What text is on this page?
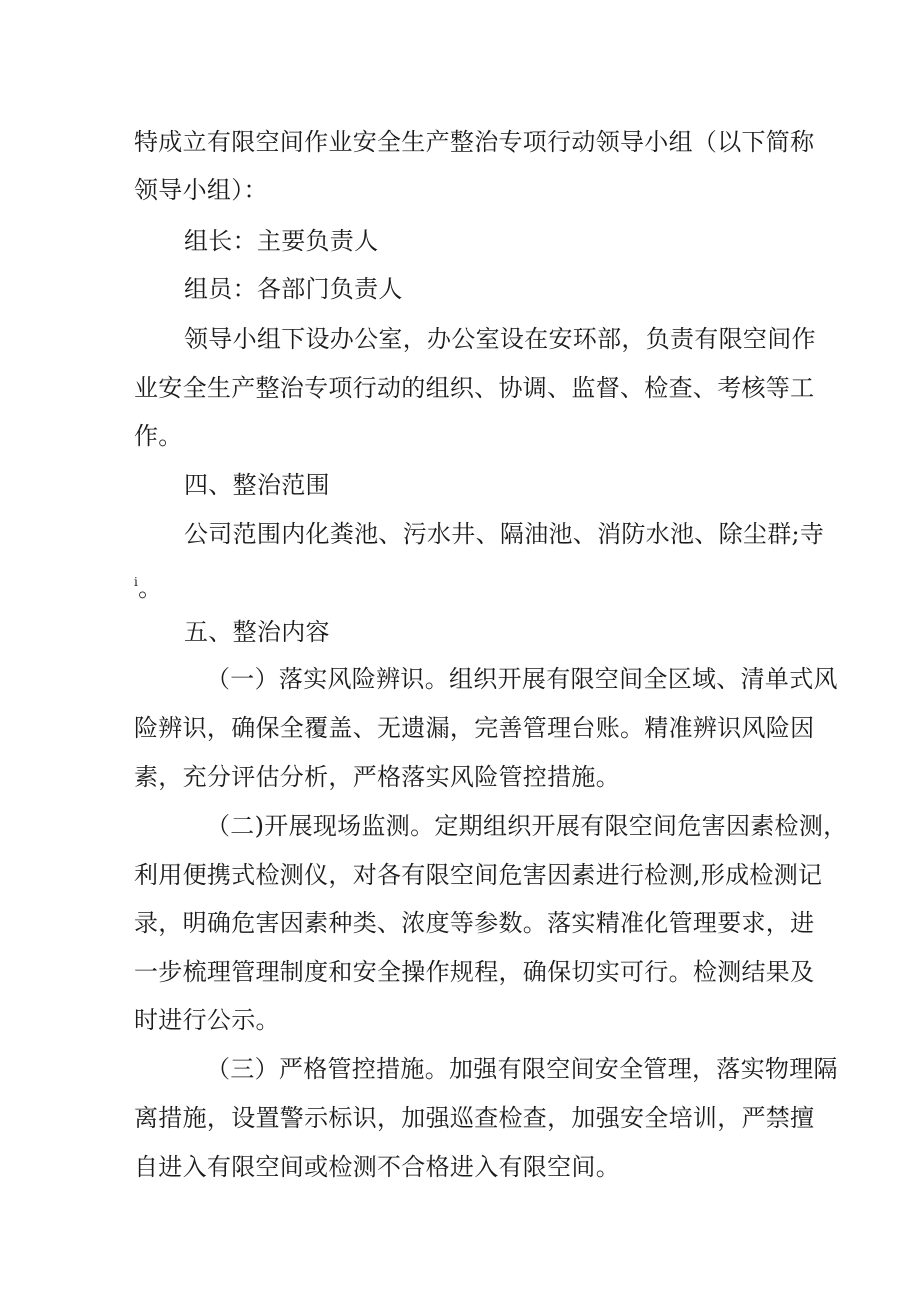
特成立有限空间作业安全生产整治专项行动领导小组（以下简称
领导小组）：
组长：主要负责人
组员：各部门负责人
领导小组下设办公室，办公室设在安环部，负责有限空间作
业安全生产整治专项行动的组织、协调、监督、检查、考核等工
作。
四、整治范围
公司范围内化粪池、污水井、隔油池、消防水池、除尘群;寺
$^i$。
五、整治内容
（一）落实风险辨识。组织开展有限空间全区域、清单式风
险辨识，确保全覆盖、无遗漏，完善管理台账。精准辨识风险因
素，充分评估分析，严格落实风险管控措施。
（二)开展现场监测。定期组织开展有限空间危害因素检测，
利用便携式检测仪，对各有限空间危害因素进行检测,形成检测记
录，明确危害因素种类、浓度等参数。落实精准化管理要求，进
一步梳理管理制度和安全操作规程，确保切实可行。检测结果及
时进行公示。
（三）严格管控措施。加强有限空间安全管理，落实物理隔
离措施，设置警示标识，加强巡查检查，加强安全培训，严禁擅
自进入有限空间或检测不合格进入有限空间。
